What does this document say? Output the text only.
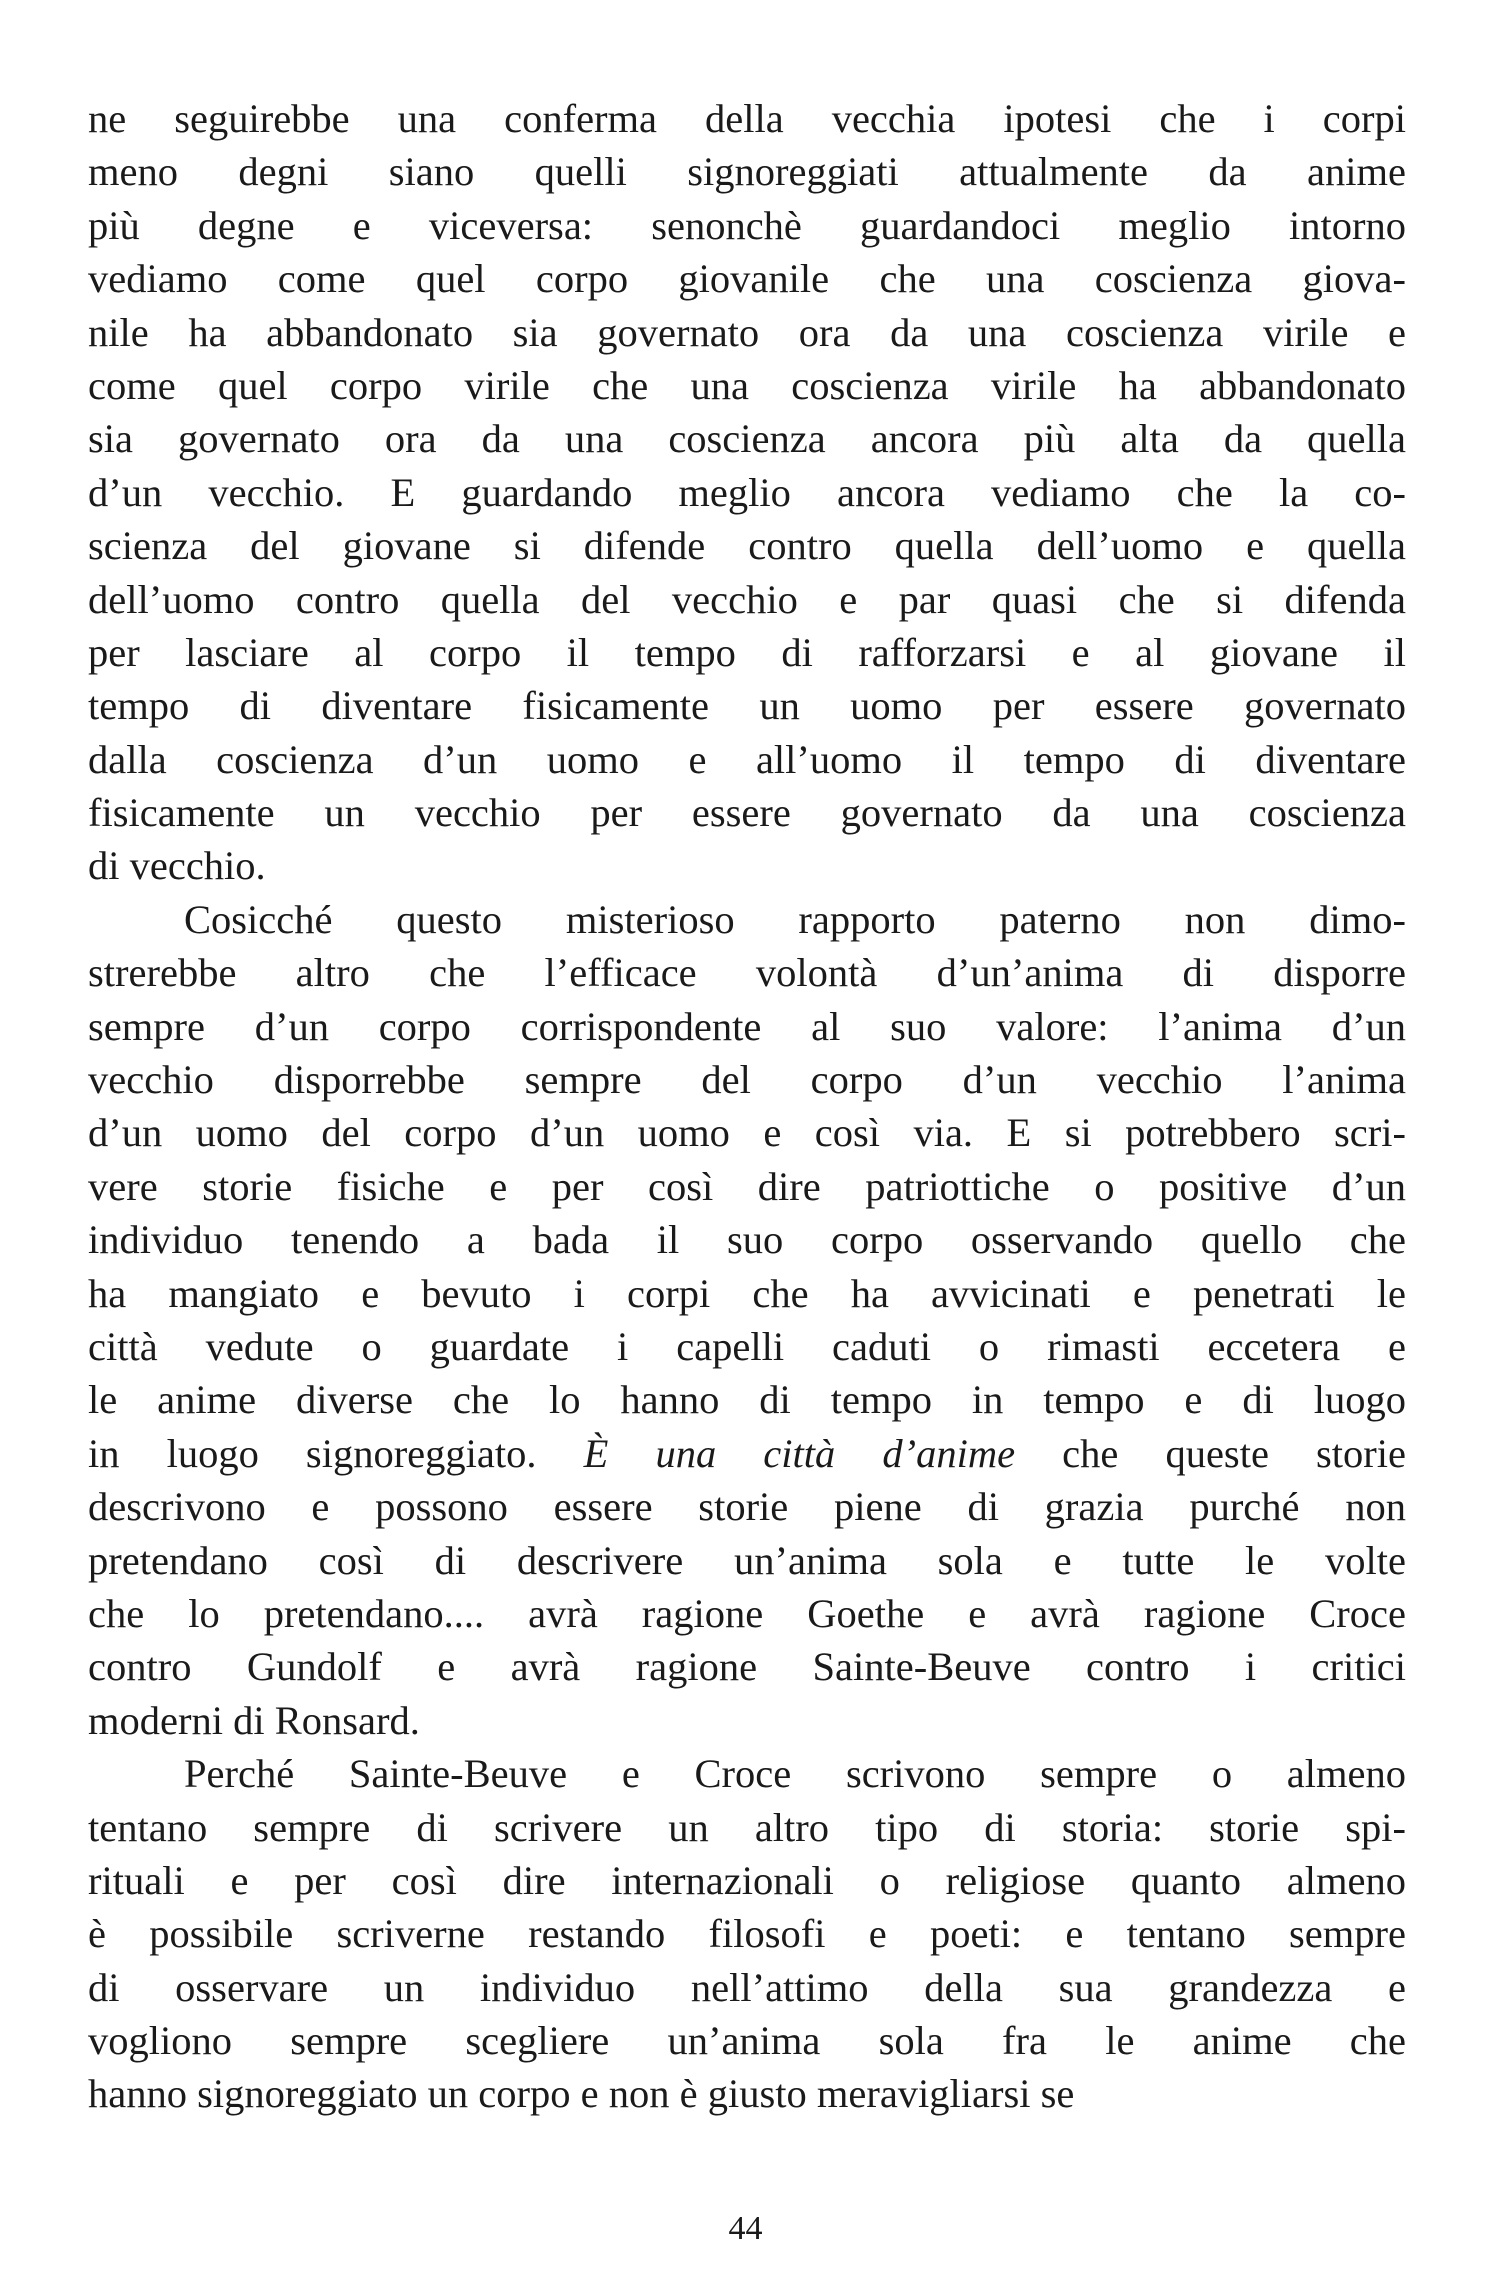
ne seguirebbe una conferma della vecchia ipotesi che i corpi
meno degni siano quelli signoreggiati attualmente da anime
più degne e viceversa: senonchè guardandoci meglio intorno
vediamo come quel corpo giovanile che una coscienza giova-
nile ha abbandonato sia governato ora da una coscienza virile e
come quel corpo virile che una coscienza virile ha abbandonato
sia governato ora da una coscienza ancora più alta da quella
d’un vecchio. E guardando meglio ancora vediamo che la co-
scienza del giovane si difende contro quella dell’uomo e quella
dell’uomo contro quella del vecchio e par quasi che si difenda
per lasciare al corpo il tempo di rafforzarsi e al giovane il
tempo di diventare fisicamente un uomo per essere governato
dalla coscienza d’un uomo e all’uomo il tempo di diventare
fisicamente un vecchio per essere governato da una coscienza
di vecchio.
Cosicché questo misterioso rapporto paterno non dimo-
strerebbe altro che l’efficace volontà d’un’anima di disporre
sempre d’un corpo corrispondente al suo valore: l’anima d’un
vecchio disporrebbe sempre del corpo d’un vecchio l’anima
d’un uomo del corpo d’un uomo e così via. E si potrebbero scri-
vere storie fisiche e per così dire patriottiche o positive d’un
individuo tenendo a bada il suo corpo osservando quello che
ha mangiato e bevuto i corpi che ha avvicinati e penetrati le
città vedute o guardate i capelli caduti o rimasti eccetera e
le anime diverse che lo hanno di tempo in tempo e di luogo
in luogo signoreggiato. È una città d’anime che queste storie
descrivono e possono essere storie piene di grazia purché non
pretendano così di descrivere un’anima sola e tutte le volte
che lo pretendano.... avrà ragione Goethe e avrà ragione Croce
contro Gundolf e avrà ragione Sainte-Beuve contro i critici
moderni di Ronsard.
Perché Sainte-Beuve e Croce scrivono sempre o almeno
tentano sempre di scrivere un altro tipo di storia: storie spi-
rituali e per così dire internazionali o religiose quanto almeno
è possibile scriverne restando filosofi e poeti: e tentano sempre
di osservare un individuo nell’attimo della sua grandezza e
vogliono sempre scegliere un’anima sola fra le anime che
hanno signoreggiato un corpo e non è giusto meravigliarsi se
44
